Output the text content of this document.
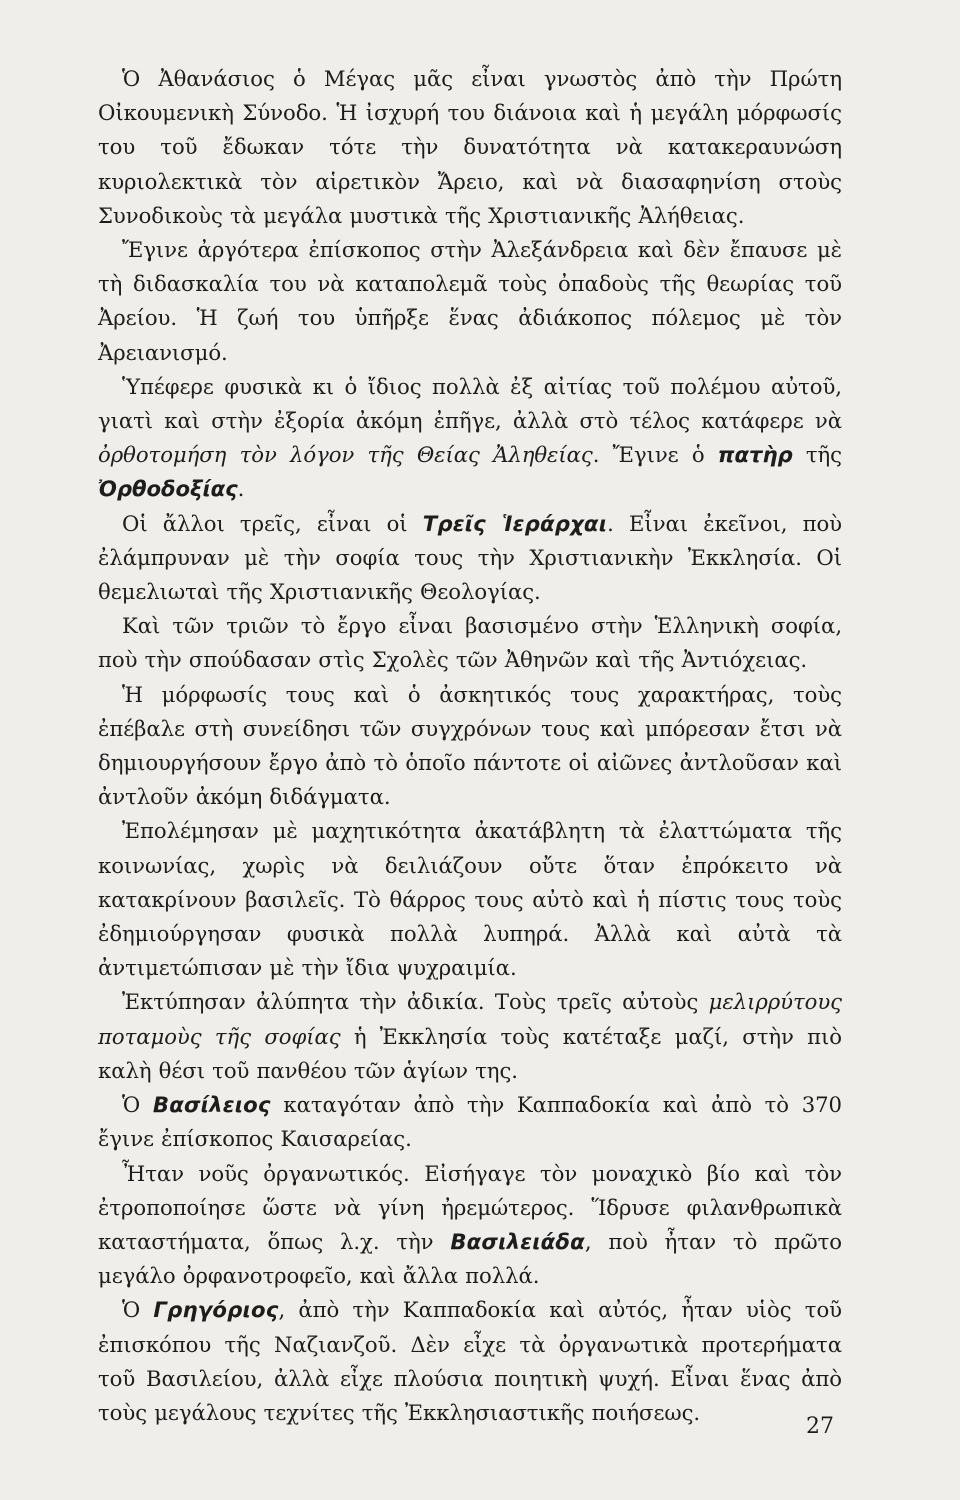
Ὁ Ἀθανάσιος ὁ Μέγας μᾶς εἶναι γνωστὸς ἀπὸ τὴν Πρώτη Οἰκουμενικὴ Σύνοδο. Ἡ ἰσχυρή του διάνοια καὶ ἡ μεγάλη μόρφωσίς του τοῦ ἔδωκαν τότε τὴν δυνατότητα νὰ κατακεραυνώση κυριολεκτικὰ τὸν αἱρετικὸν Ἄρειο, καὶ νὰ διασαφηνίση στοὺς Συνοδικοὺς τὰ μεγάλα μυστικὰ τῆς Χριστιανικῆς Ἀλήθειας.

Ἔγινε ἀργότερα ἐπίσκοπος στὴν Ἀλεξάνδρεια καὶ δὲν ἔπαυσε μὲ τὴ διδασκαλία του νὰ καταπολεμᾶ τοὺς ὀπαδοὺς τῆς θεωρίας τοῦ Ἀρείου. Ἡ ζωή του ὑπῆρξε ἕνας ἀδιάκοπος πόλεμος μὲ τὸν Ἀρειανισμό.

Ὑπέφερε φυσικὰ κι ὁ ἴδιος πολλὰ ἐξ αἰτίας τοῦ πολέμου αὐτοῦ, γιατὶ καὶ στὴν ἐξορία ἀκόμη ἐπῆγε, ἀλλὰ στὸ τέλος κατάφερε νὰ ὀρθοτομήση τὸν λόγον τῆς Θείας Ἀληθείας. Ἔγινε ὁ πατὴρ τῆς Ὀρθοδοξίας.

Οἱ ἄλλοι τρεῖς, εἶναι οἱ Τρεῖς Ἱεράρχαι. Εἶναι ἐκεῖνοι, ποὺ ἐλάμπρυναν μὲ τὴν σοφία τους τὴν Χριστιανικὴν Ἐκκλησία. Οἱ θεμελιωταὶ τῆς Χριστιανικῆς Θεολογίας.

Καὶ τῶν τριῶν τὸ ἔργο εἶναι βασισμένο στὴν Ἑλληνικὴ σοφία, ποὺ τὴν σπούδασαν στὶς Σχολὲς τῶν Ἀθηνῶν καὶ τῆς Ἀντιόχειας.

Ἡ μόρφωσίς τους καὶ ὁ ἀσκητικός τους χαρακτήρας, τοὺς ἐπέβαλε στὴ συνείδησι τῶν συγχρόνων τους καὶ μπόρεσαν ἔτσι νὰ δημιουργήσουν ἔργο ἀπὸ τὸ ὁποῖο πάντοτε οἱ αἰῶνες ἀντλοῦσαν καὶ ἀντλοῦν ἀκόμη διδάγματα.

Ἐπολέμησαν μὲ μαχητικότητα ἀκατάβλητη τὰ ἐλαττώματα τῆς κοινωνίας, χωρὶς νὰ δειλιάζουν οὔτε ὅταν ἐπρόκειτο νὰ κατακρίνουν βασιλεῖς. Τὸ θάρρος τους αὐτὸ καὶ ἡ πίστις τους τοὺς ἐδημιούργησαν φυσικὰ πολλὰ λυπηρά. Ἀλλὰ καὶ αὐτὰ τὰ ἀντιμετώπισαν μὲ τὴν ἴδια ψυχραιμία.

Ἐκτύπησαν ἀλύπητα τὴν ἀδικία. Τοὺς τρεῖς αὐτοὺς μελιρρύτους ποταμοὺς τῆς σοφίας ἡ Ἐκκλησία τοὺς κατέταξε μαζί, στὴν πιὸ καλὴ θέσι τοῦ πανθέου τῶν ἁγίων της.

Ὁ Βασίλειος καταγόταν ἀπὸ τὴν Καππαδοκία καὶ ἀπὸ τὸ 370 ἔγινε ἐπίσκοπος Καισαρείας.

Ἦταν νοῦς ὀργανωτικός. Εἰσήγαγε τὸν μοναχικὸ βίο καὶ τὸν ἐτροποποίησε ὥστε νὰ γίνη ἠρεμώτερος. Ἵδρυσε φιλανθρωπικὰ καταστήματα, ὅπως λ.χ. τὴν Βασιλειάδα, ποὺ ἦταν τὸ πρῶτο μεγάλο ὀρφανοτροφεῖο, καὶ ἄλλα πολλά.

Ὁ Γρηγόριος, ἀπὸ τὴν Καππαδοκία καὶ αὐτός, ἦταν υἱὸς τοῦ ἐπισκόπου τῆς Ναζιανζοῦ. Δὲν εἶχε τὰ ὀργανωτικὰ προτερήματα τοῦ Βασιλείου, ἀλλὰ εἶχε πλούσια ποιητικὴ ψυχή. Εἶναι ἕνας ἀπὸ τοὺς μεγάλους τεχνίτες τῆς Ἐκκλησιαστικῆς ποιήσεως.

27
